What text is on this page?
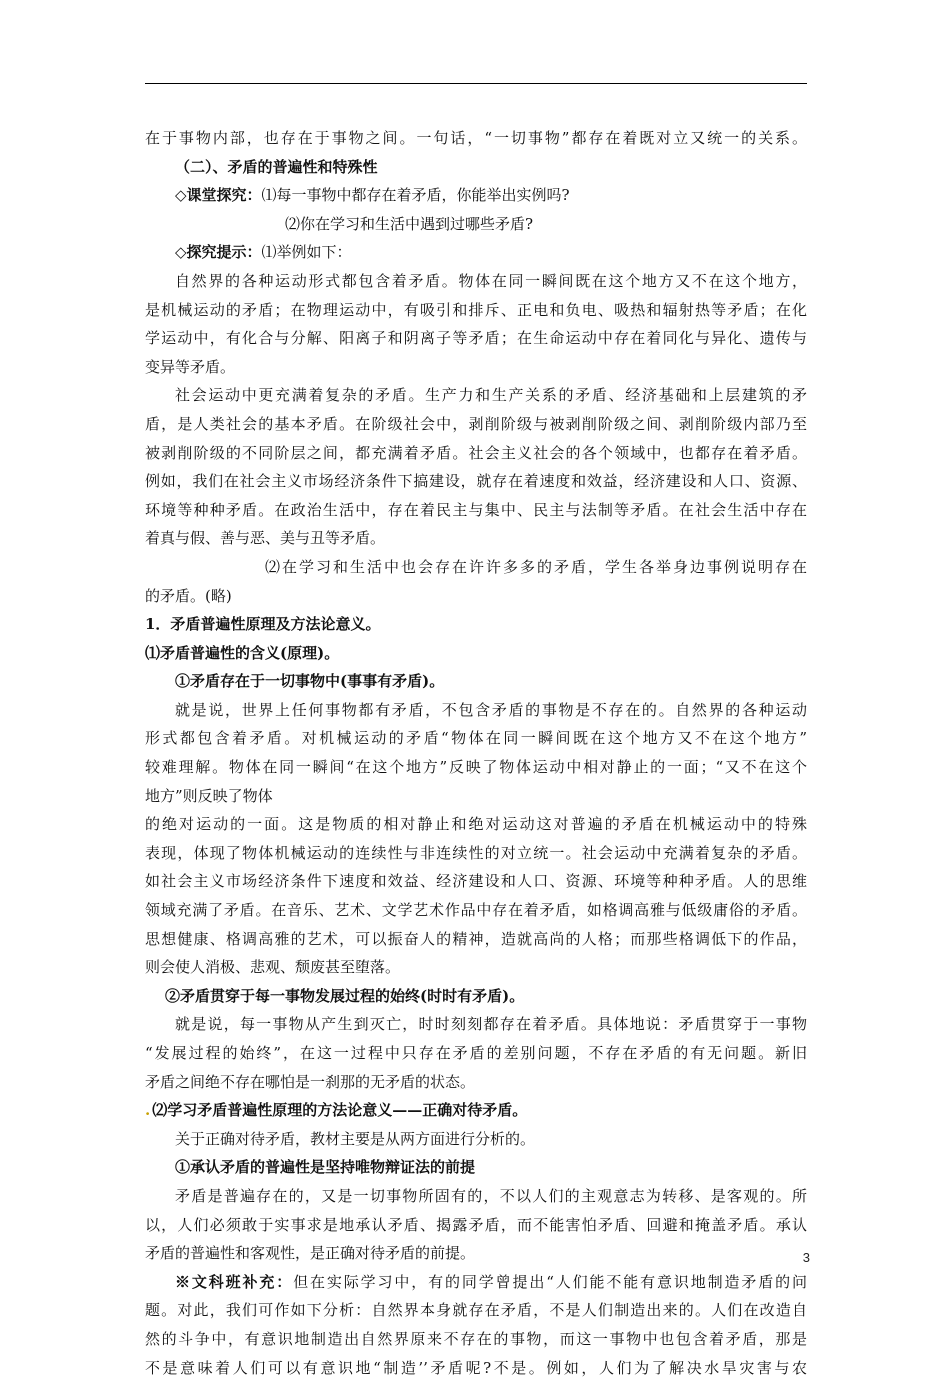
在于事物内部，也存在于事物之间。一句话，“一切事物”都存在着既对立又统一的关系。
（二）、矛盾的普遍性和特殊性
◇课堂探究：⑴每一事物中都存在着矛盾，你能举出实例吗?
⑵你在学习和生活中遇到过哪些矛盾?
◇探究提示：⑴举例如下：
自然界的各种运动形式都包含着矛盾。物体在同一瞬间既在这个地方又不在这个地方，
是机械运动的矛盾；在物理运动中，有吸引和排斥、正电和负电、吸热和辐射热等矛盾；在化
学运动中，有化合与分解、阳离子和阴离子等矛盾；在生命运动中存在着同化与异化、遗传与
变异等矛盾。
社会运动中更充满着复杂的矛盾。生产力和生产关系的矛盾、经济基础和上层建筑的矛
盾，是人类社会的基本矛盾。在阶级社会中，剥削阶级与被剥削阶级之间、剥削阶级内部乃至
被剥削阶级的不同阶层之间，都充满着矛盾。社会主义社会的各个领域中，也都存在着矛盾。
例如，我们在社会主义市场经济条件下搞建设，就存在着速度和效益，经济建设和人口、资源、
环境等种种矛盾。在政治生活中，存在着民主与集中、民主与法制等矛盾。在社会生活中存在
着真与假、善与恶、美与丑等矛盾。
⑵在学习和生活中也会存在许许多多的矛盾，学生各举身边事例说明存在
的矛盾。(略)
1．矛盾普遍性原理及方法论意义。
⑴矛盾普遍性的含义(原理)。
①矛盾存在于一切事物中(事事有矛盾)。
就是说，世界上任何事物都有矛盾，不包含矛盾的事物是不存在的。自然界的各种运动
形式都包含着矛盾。对机械运动的矛盾“物体在同一瞬间既在这个地方又不在这个地方”
较难理解。物体在同一瞬间“在这个地方”反映了物体运动中相对静止的一面；“又不在这个
地方”则反映了物体
的绝对运动的一面。这是物质的相对静止和绝对运动这对普遍的矛盾在机械运动中的特殊
表现，体现了物体机械运动的连续性与非连续性的对立统一。社会运动中充满着复杂的矛盾。
如社会主义市场经济条件下速度和效益、经济建设和人口、资源、环境等种种矛盾。人的思维
领域充满了矛盾。在音乐、艺术、文学艺术作品中存在着矛盾，如格调高雅与低级庸俗的矛盾。
思想健康、格调高雅的艺术，可以振奋人的精神，造就高尚的人格；而那些格调低下的作品，
则会使人消极、悲观、颓废甚至堕落。
②矛盾贯穿于每一事物发展过程的始终(时时有矛盾)。
就是说，每一事物从产生到灭亡，时时刻刻都存在着矛盾。具体地说：矛盾贯穿于一事物
“发展过程的始终”，在这一过程中只存在矛盾的差别问题，不存在矛盾的有无问题。新旧
矛盾之间绝不存在哪怕是一刹那的无矛盾的状态。
. ⑵学习矛盾普遍性原理的方法论意义——正确对待矛盾。
关于正确对待矛盾，教材主要是从两方面进行分析的。
①承认矛盾的普遍性是坚持唯物辩证法的前提
矛盾是普遍存在的，又是一切事物所固有的，不以人们的主观意志为转移、是客观的。所
以，人们必须敢于实事求是地承认矛盾、揭露矛盾，而不能害怕矛盾、回避和掩盖矛盾。承认
矛盾的普遍性和客观性，是正确对待矛盾的前提。
※文科班补充：但在实际学习中，有的同学曾提出“人们能不能有意识地制造矛盾的问
题。对此，我们可作如下分析：自然界本身就存在矛盾，不是人们制造出来的。人们在改造自
然的斗争中，有意识地制造出自然界原来不存在的事物，而这一事物中也包含着矛盾，那是
不是意味着人们可以有意识地“制造’’矛盾呢?不是。例如，人们为了解决水旱灾害与农
3
